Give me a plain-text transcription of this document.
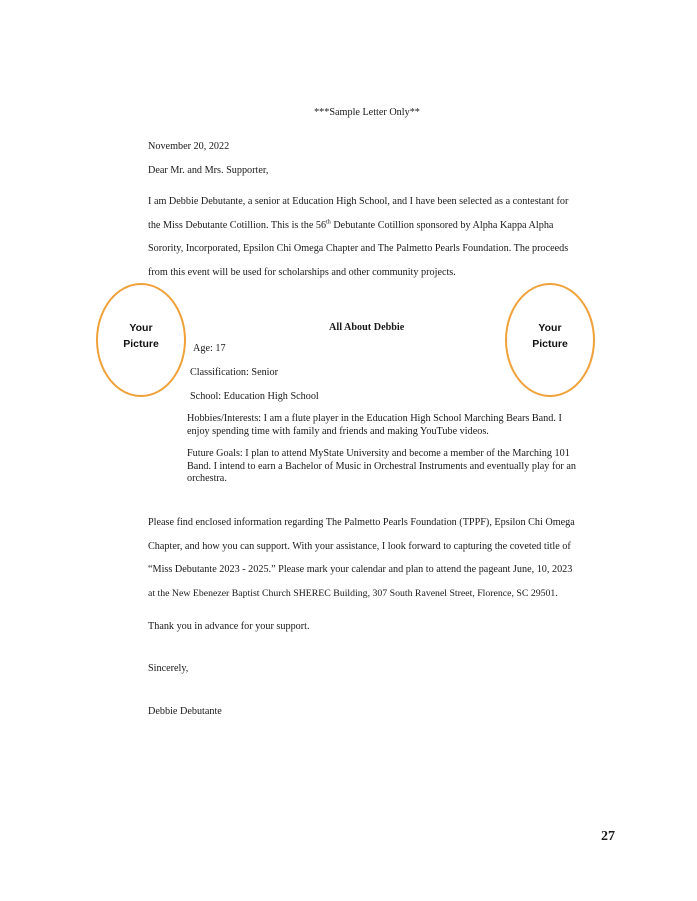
***Sample Letter Only**
November 20, 2022
Dear Mr. and Mrs. Supporter,
I am Debbie Debutante, a senior at Education High School, and I have been selected as a contestant for
the Miss Debutante Cotillion. This is the 56th Debutante Cotillion sponsored by Alpha Kappa Alpha
Sorority, Incorporated, Epsilon Chi Omega Chapter and The Palmetto Pearls Foundation. The proceeds
from this event will be used for scholarships and other community projects.
Your
Picture
Your
Picture
All About Debbie
Age: 17
Classification: Senior
School: Education High School
Hobbies/Interests: I am a flute player in the Education High School Marching Bears Band. I enjoy spending time with family and friends and making YouTube videos.
Future Goals: I plan to attend MyState University and become a member of the Marching 101 Band. I intend to earn a Bachelor of Music in Orchestral Instruments and eventually play for an orchestra.
Please find enclosed information regarding The Palmetto Pearls Foundation (TPPF), Epsilon Chi Omega
Chapter, and how you can support. With your assistance, I look forward to capturing the coveted title of
“Miss Debutante 2023 - 2025.” Please mark your calendar and plan to attend the pageant June, 10, 2023
at the New Ebenezer Baptist Church SHEREC Building, 307 South Ravenel Street, Florence, SC 29501.
Thank you in advance for your support.
Sincerely,
Debbie Debutante
27
